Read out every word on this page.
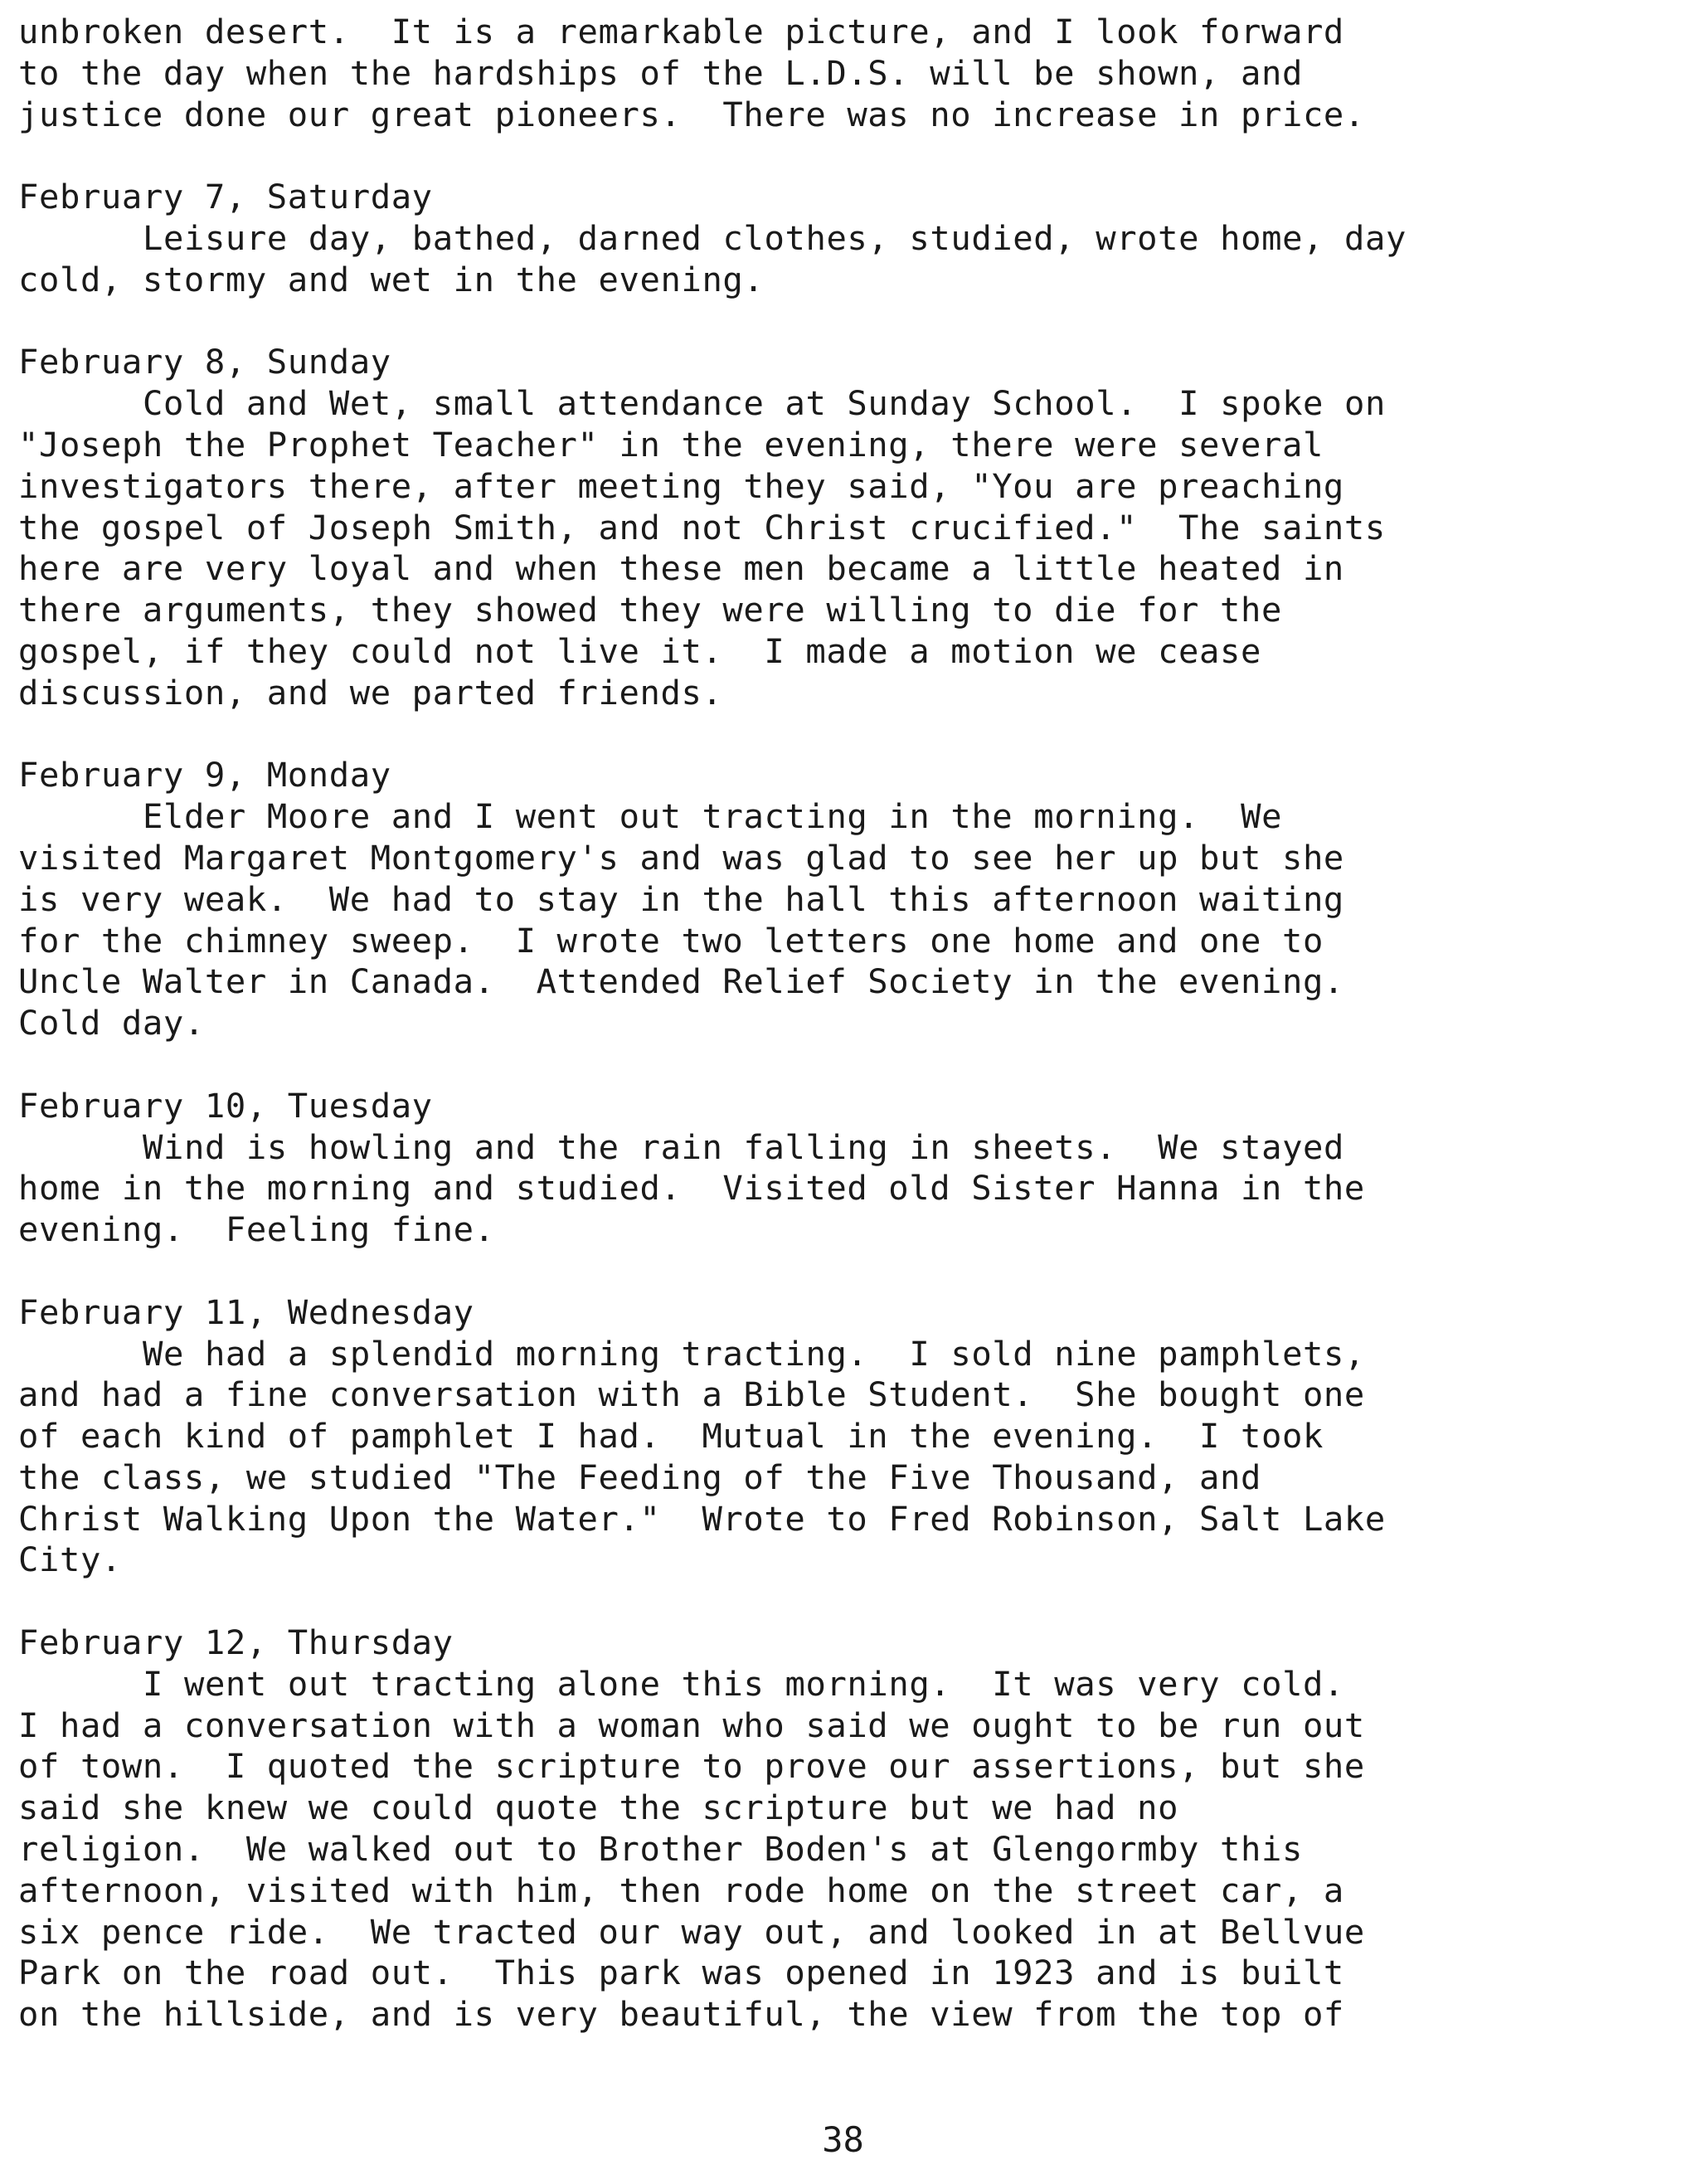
unbroken desert.  It is a remarkable picture, and I look forward
to the day when the hardships of the L.D.S. will be shown, and
justice done our great pioneers.  There was no increase in price.
February 7, Saturday
Leisure day, bathed, darned clothes, studied, wrote home, day
cold, stormy and wet in the evening.
February 8, Sunday
Cold and Wet, small attendance at Sunday School.  I spoke on
"Joseph the Prophet Teacher" in the evening, there were several
investigators there, after meeting they said, "You are preaching
the gospel of Joseph Smith, and not Christ crucified."  The saints
here are very loyal and when these men became a little heated in
there arguments, they showed they were willing to die for the
gospel, if they could not live it.  I made a motion we cease
discussion, and we parted friends.
February 9, Monday
Elder Moore and I went out tracting in the morning.  We
visited Margaret Montgomery's and was glad to see her up but she
is very weak.  We had to stay in the hall this afternoon waiting
for the chimney sweep.  I wrote two letters one home and one to
Uncle Walter in Canada.  Attended Relief Society in the evening.
Cold day.
February 10, Tuesday
Wind is howling and the rain falling in sheets.  We stayed
home in the morning and studied.  Visited old Sister Hanna in the
evening.  Feeling fine.
February 11, Wednesday
We had a splendid morning tracting.  I sold nine pamphlets,
and had a fine conversation with a Bible Student.  She bought one
of each kind of pamphlet I had.  Mutual in the evening.  I took
the class, we studied "The Feeding of the Five Thousand, and
Christ Walking Upon the Water."  Wrote to Fred Robinson, Salt Lake
City.
February 12, Thursday
I went out tracting alone this morning.  It was very cold.
I had a conversation with a woman who said we ought to be run out
of town.  I quoted the scripture to prove our assertions, but she
said she knew we could quote the scripture but we had no
religion.  We walked out to Brother Boden's at Glengormby this
afternoon, visited with him, then rode home on the street car, a
six pence ride.  We tracted our way out, and looked in at Bellvue
Park on the road out.  This park was opened in 1923 and is built
on the hillside, and is very beautiful, the view from the top of
38
